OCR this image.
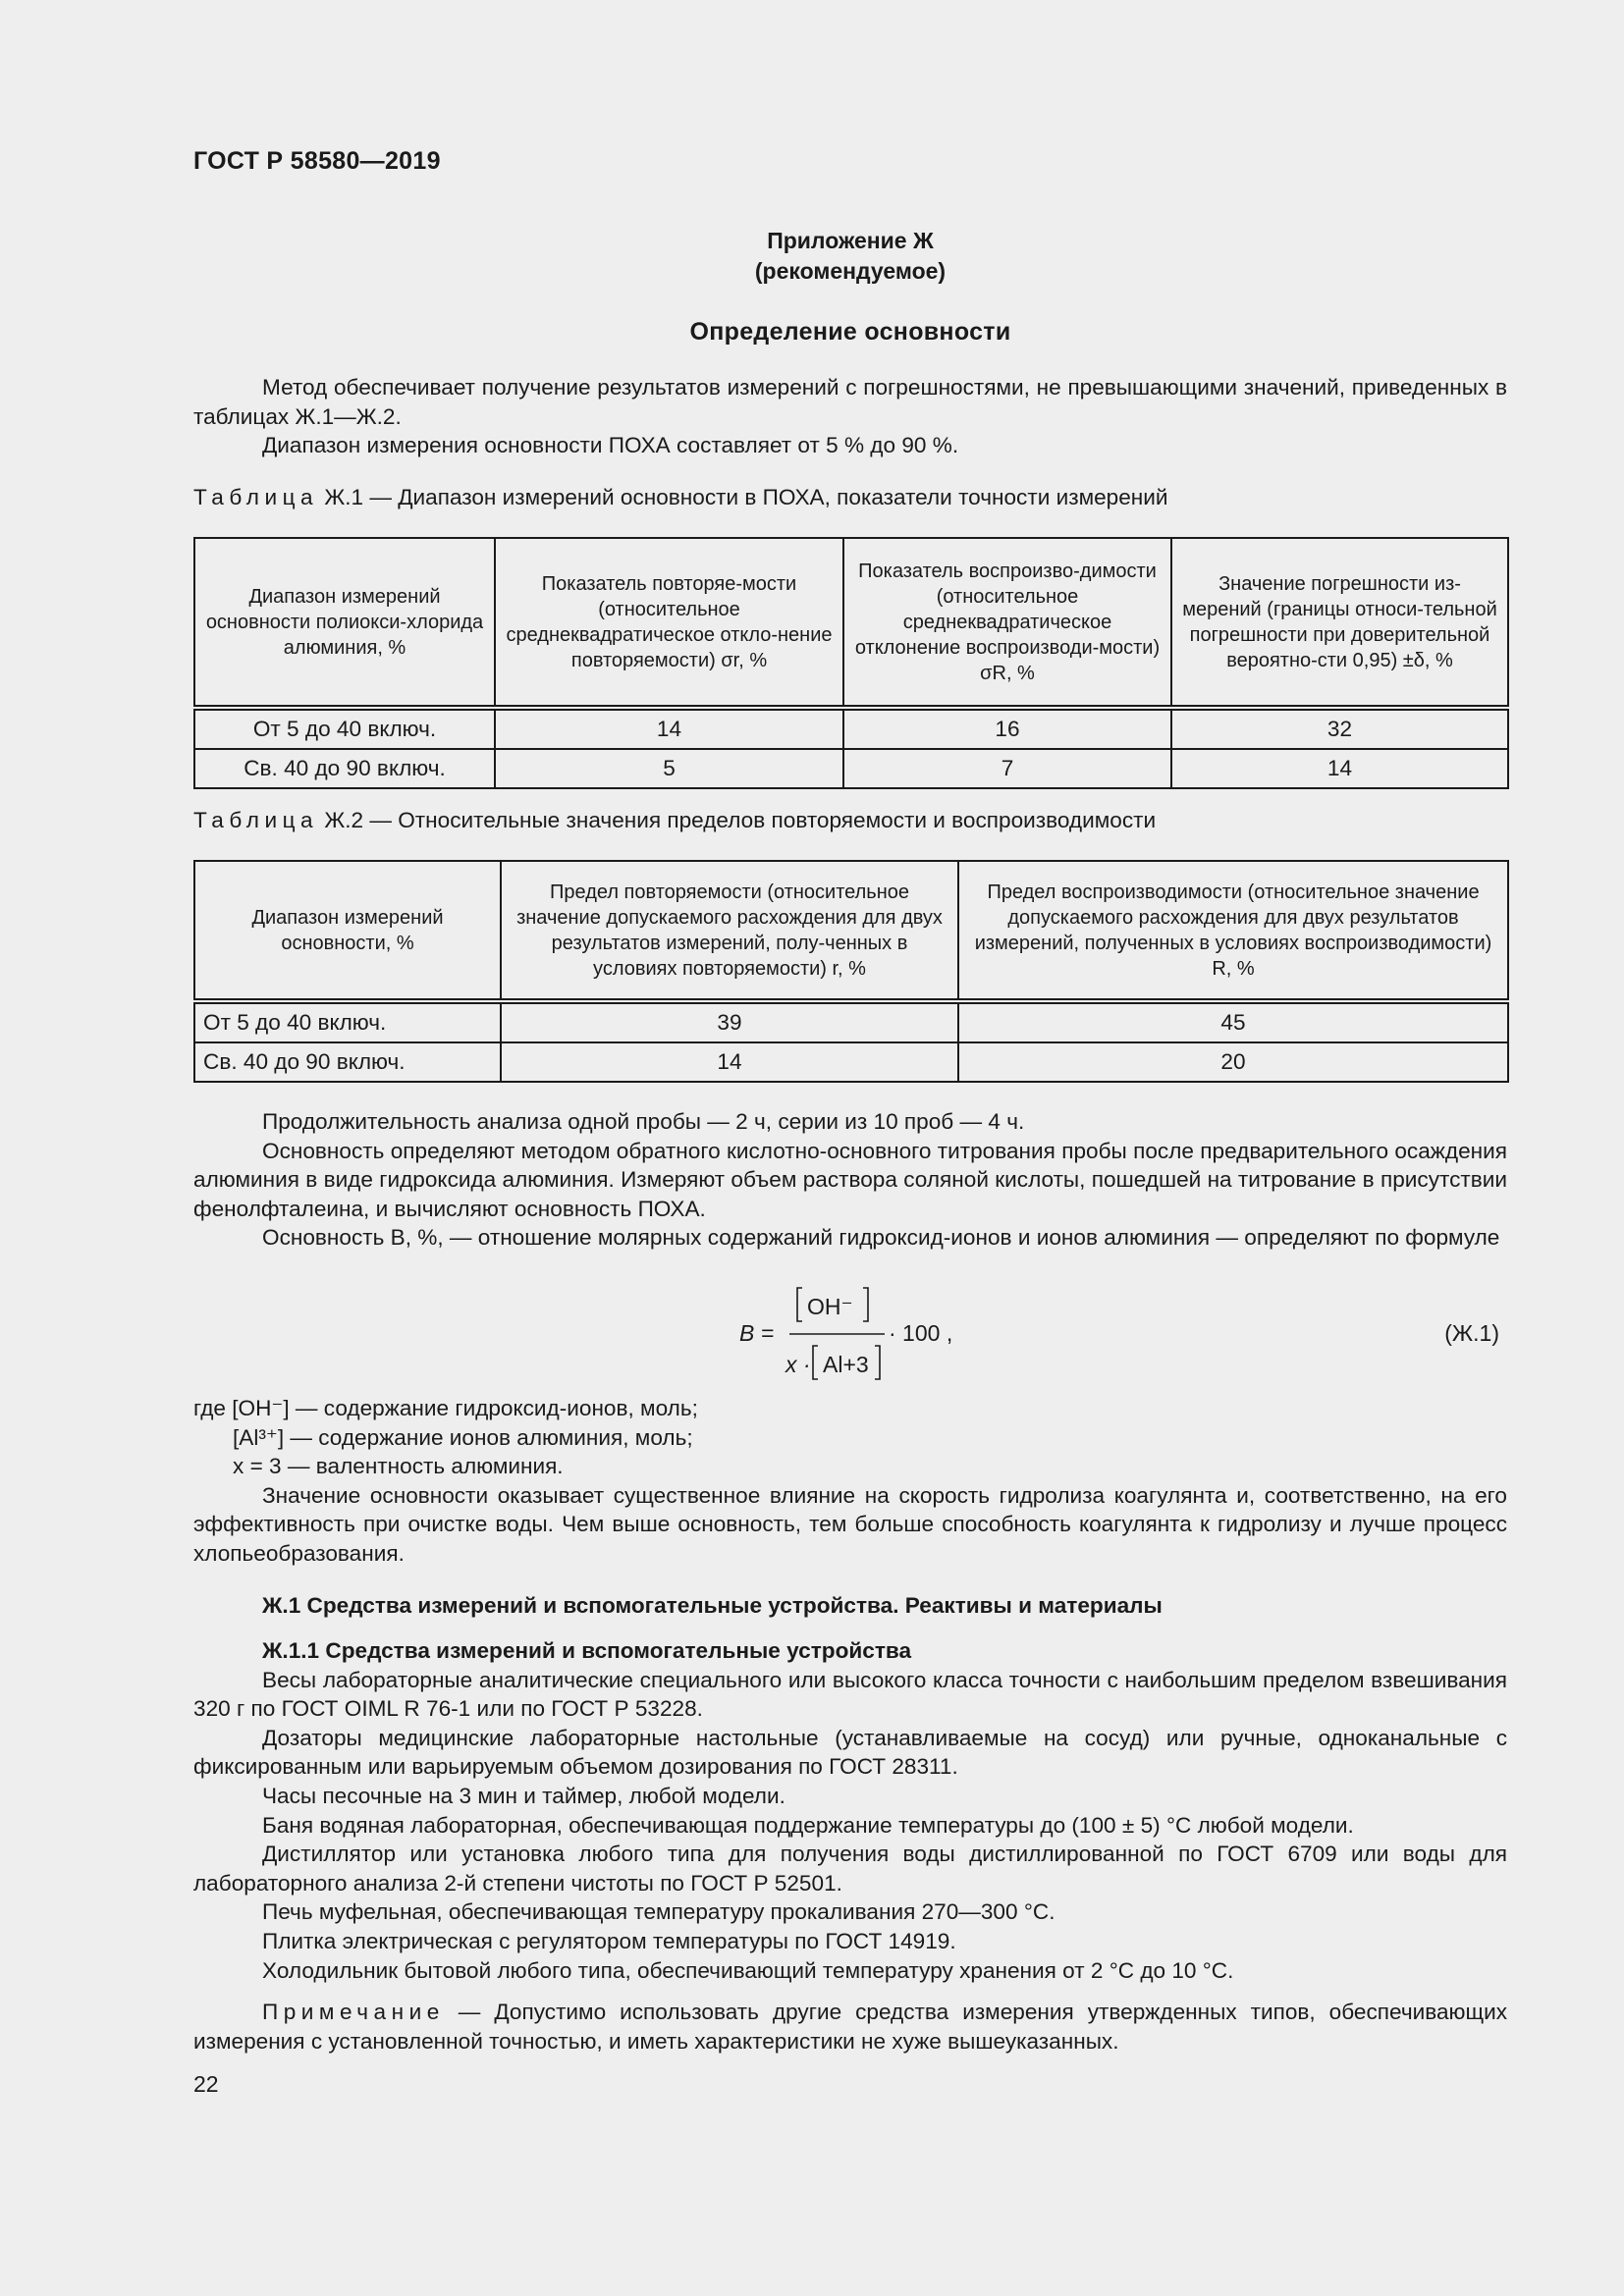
ГОСТ Р 58580—2019
Приложение Ж
(рекомендуемое)
Определение основности

Метод обеспечивает получение результатов измерений с погрешностями, не превышающими значений, приведенных в таблицах Ж.1—Ж.2.

Диапазон измерения основности ПОХА составляет от 5 % до 90 %.

Таблица Ж.1 — Диапазон измерений основности в ПОХА, показатели точности измерений
Диапазон измерений основности полиокси-хлорида алюминия, %	Показатель повторяе-мости (относительное среднеквадратическое откло-нение повторяемости) σr, %	Показатель воспроизво-димости (относительное среднеквадратическое отклонение воспроизводи-мости) σR, %	Значение погрешности из-мерений (границы относи-тельной погрешности при доверительной вероятно-сти 0,95) ±δ, %
От 5 до 40 включ.	14	16	32
Св. 40 до 90 включ.	5	7	14
Таблица Ж.2 — Относительные значения пределов повторяемости и воспроизводимости
Диапазон измерений основности, %	Предел повторяемости (относительное значение допускаемого расхождения для двух результатов измерений, полу-ченных в условиях повторяемости) r, %	Предел воспроизводимости (относительное значение допускаемого расхождения для двух результатов измерений, полученных в условиях воспроизводимости) R, %
От 5 до 40 включ.	39	45
Св. 40 до 90 включ.	14	20

Продолжительность анализа одной пробы — 2 ч, серии из 10 проб — 4 ч.

Основность определяют методом обратного кислотно-основного титрования пробы после предварительного осаждения алюминия в виде гидроксида алюминия. Измеряют объем раствора соляной кислоты, пошедшей на титрование в присутствии фенолфталеина, и вычисляют основность ПОХА.

Основность B, %, — отношение молярных содержаний гидроксид-ионов и ионов алюминия — определяют по формуле

B =
OH⁻
x · Al+3
· 100 ,	(Ж.1)

где [OH⁻] — содержание гидроксид-ионов, моль;

[Al³⁺] — содержание ионов алюминия, моль;

x = 3 — валентность алюминия.

Значение основности оказывает существенное влияние на скорость гидролиза коагулянта и, соответственно, на его эффективность при очистке воды. Чем выше основность, тем больше способность коагулянта к гидролизу и лучше процесс хлопьеобразования.

Ж.1 Средства измерений и вспомогательные устройства. Реактивы и материалы

Ж.1.1 Средства измерений и вспомогательные устройства

Весы лабораторные аналитические специального или высокого класса точности с наибольшим пределом взвешивания 320 г по ГОСТ OIML R 76-1 или по ГОСТ Р 53228.

Дозаторы медицинские лабораторные настольные (устанавливаемые на сосуд) или ручные, одноканальные с фиксированным или варьируемым объемом дозирования по ГОСТ 28311.

Часы песочные на 3 мин и таймер, любой модели.

Баня водяная лабораторная, обеспечивающая поддержание температуры до (100 ± 5) °С любой модели.

Дистиллятор или установка любого типа для получения воды дистиллированной по ГОСТ 6709 или воды для лабораторного анализа 2-й степени чистоты по ГОСТ Р 52501.

Печь муфельная, обеспечивающая температуру прокаливания 270—300 °С.

Плитка электрическая с регулятором температуры по ГОСТ 14919.

Холодильник бытовой любого типа, обеспечивающий температуру хранения от 2 °С до 10 °С.

Примечание — Допустимо использовать другие средства измерения утвержденных типов, обеспечивающих измерения с установленной точностью, и иметь характеристики не хуже вышеуказанных.

22
